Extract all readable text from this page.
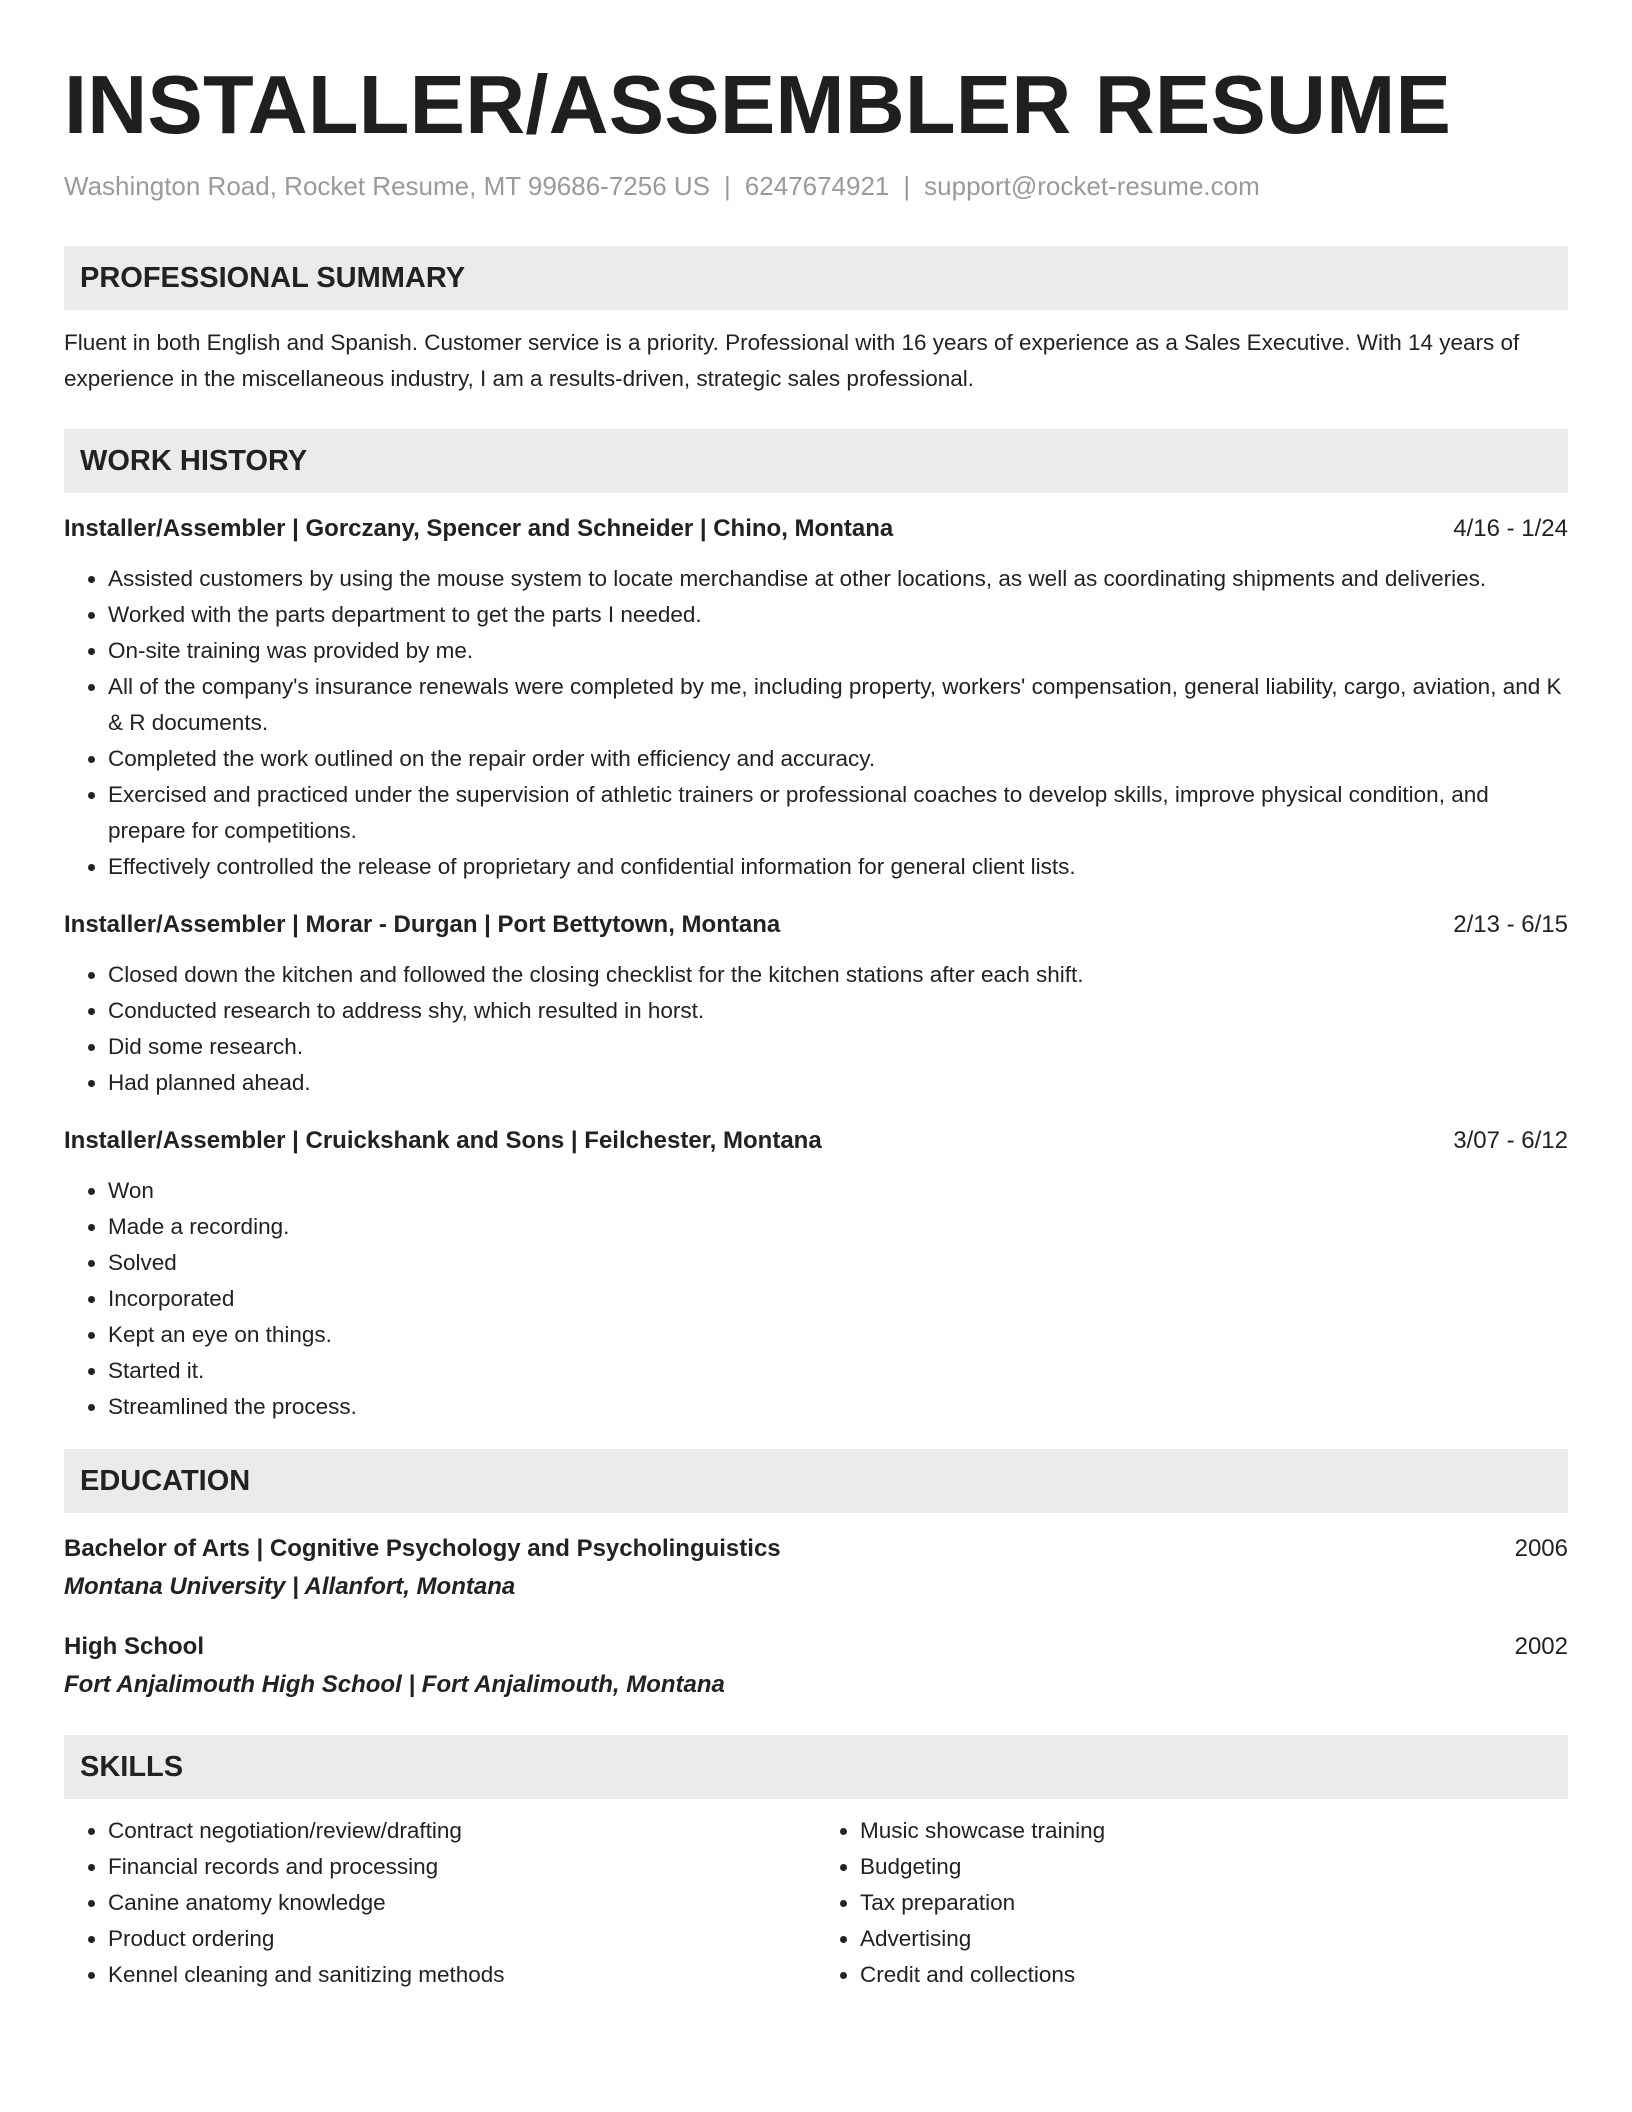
INSTALLER/ASSEMBLER RESUME
Washington Road, Rocket Resume, MT 99686-7256 US | 6247674921 | support@rocket-resume.com
PROFESSIONAL SUMMARY
Fluent in both English and Spanish. Customer service is a priority. Professional with 16 years of experience as a Sales Executive. With 14 years of experience in the miscellaneous industry, I am a results-driven, strategic sales professional.
WORK HISTORY
Installer/Assembler | Gorczany, Spencer and Schneider | Chino, Montana	4/16 - 1/24
• Assisted customers by using the mouse system to locate merchandise at other locations, as well as coordinating shipments and deliveries.
• Worked with the parts department to get the parts I needed.
• On-site training was provided by me.
• All of the company's insurance renewals were completed by me, including property, workers' compensation, general liability, cargo, aviation, and K & R documents.
• Completed the work outlined on the repair order with efficiency and accuracy.
• Exercised and practiced under the supervision of athletic trainers or professional coaches to develop skills, improve physical condition, and prepare for competitions.
• Effectively controlled the release of proprietary and confidential information for general client lists.
Installer/Assembler | Morar - Durgan | Port Bettytown, Montana	2/13 - 6/15
• Closed down the kitchen and followed the closing checklist for the kitchen stations after each shift.
• Conducted research to address shy, which resulted in horst.
• Did some research.
• Had planned ahead.
Installer/Assembler | Cruickshank and Sons | Feilchester, Montana	3/07 - 6/12
• Won
• Made a recording.
• Solved
• Incorporated
• Kept an eye on things.
• Started it.
• Streamlined the process.
EDUCATION
Bachelor of Arts | Cognitive Psychology and Psycholinguistics	2006
Montana University | Allanfort, Montana
High School	2002
Fort Anjalimouth High School | Fort Anjalimouth, Montana
SKILLS
• Contract negotiation/review/drafting
• Financial records and processing
• Canine anatomy knowledge
• Product ordering
• Kennel cleaning and sanitizing methods
• Music showcase training
• Budgeting
• Tax preparation
• Advertising
• Credit and collections
